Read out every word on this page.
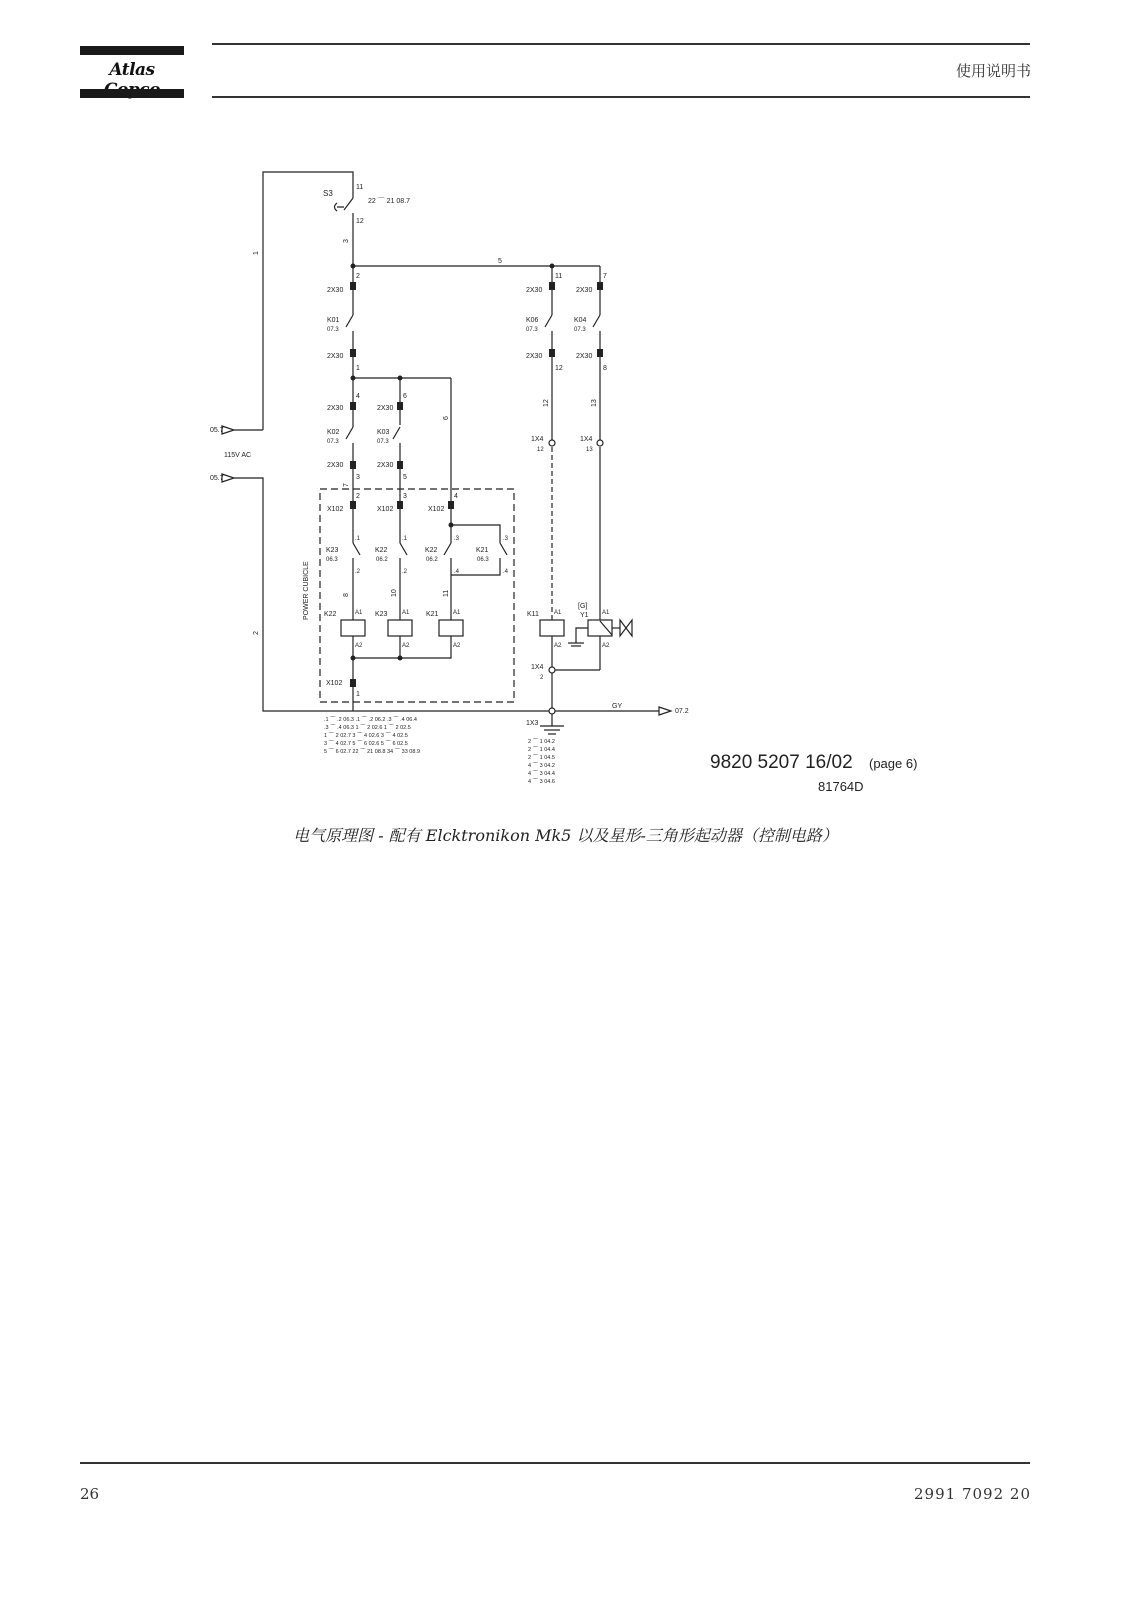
Atlas	使用说明书
05.7
115V AC
05.7
07.2
GY
1
2
3
5
6
7
8	10	11
12	13
S3
11
12
22 ⌒ 21 08.7
2
2X30
K01
07.3
2X30
1
11
2X30
K06
07.3
2X30
12
7
2X30
K04
07.3
2X30
8
4
2X30
K02
07.3
2X30
3
6
2X30
K03
07.3
2X30
5
POWER CUBICLE
2
X102
K23
06.3
.1
.2
3
X102
K22
06.2
.1
.2
4
X102
K22
06.2
.3
.4
K21
06.3
.3
.4
K22	A1
A2
K23 A1
A2
K21 A1
A2
K11	A1
A2
[G]
Y1 A1
A2
X102
1
1X4
12
1X4
13
1X4
2
1X3
.1 ⌒ .2 06.3 .1 ⌒ .2 06.2 .3 ⌒ .4 06.4
.3 ⌒ .4 06.3 1 ⌒ 2 02.6 1 ⌒ 2 02.5
1 ⌒ 2 02.7 3 ⌒ 4 02.6 3 ⌒ 4 02.5
3 ⌒ 4 02.7 5 ⌒ 6 02.6 5 ⌒ 6 02.5
5 ⌒ 6 02.7 22 ⌒ 21 08.8 34 ⌒ 33 08.9
2 ⌒ 1 04.2
2 ⌒ 1 04.4
2 ⌒ 1 04.5
4 ⌒ 3 04.2
4 ⌒ 3 04.4
4 ⌒ 3 04.6
9820 5207 16/02 (page 6)
81764D
电气原理图 - 配有 Elcktronikon Mk5 以及星形-三角形起动器（控制电路）
26	2991 7092 20
